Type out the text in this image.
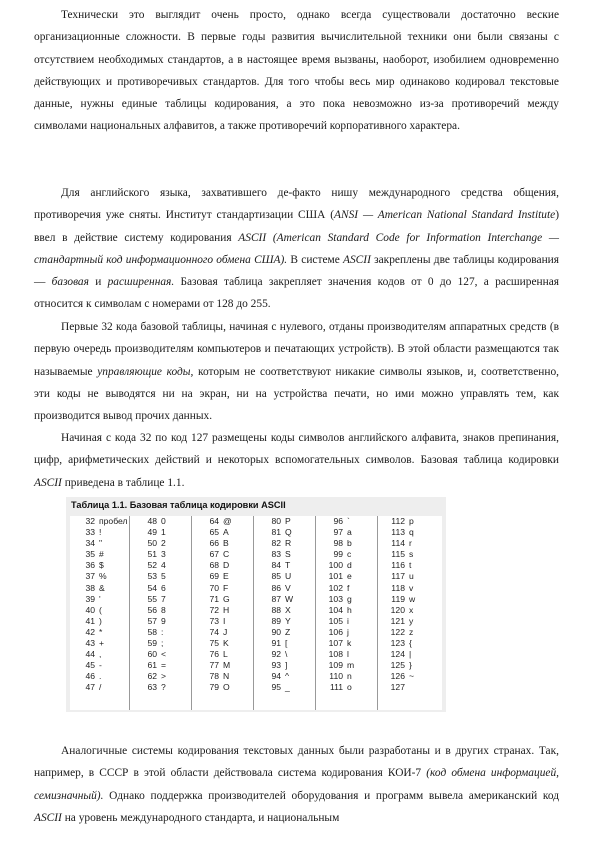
Технически это выглядит очень просто, однако всегда существовали достаточно веские организационные сложности. В первые годы развития вычислительной техники они были связаны с отсутствием необходимых стандартов, а в настоящее время вызваны, наоборот, изобилием одновременно действующих и противоречивых стандартов. Для того чтобы весь мир одинаково кодировал текстовые данные, нужны единые таблицы кодирования, а это пока невозможно из-за противоречий между символами национальных алфавитов, а также противоречий корпоративного характера.

Для английского языка, захватившего де-факто нишу международного средства общения, противоречия уже сняты. Институт стандартизации США (ANSI — American National Standard Institute) ввел в действие систему кодирования ASCII (American Standard Code for Information Interchange — стандартный код информационного обмена США). В системе ASCII закреплены две таблицы кодирования — базовая и расширенная. Базовая таблица закрепляет значения кодов от 0 до 127, а расширенная относится к символам с номерами от 128 до 255.

Первые 32 кода базовой таблицы, начиная с нулевого, отданы производителям аппаратных средств (в первую очередь производителям компьютеров и печатающих устройств). В этой области размещаются так называемые управляющие коды, которым не соответствуют никакие символы языков, и, соответственно, эти коды не выводятся ни на экран, ни на устройства печати, но ими можно управлять тем, как производится вывод прочих данных.

Начиная с кода 32 по код 127 размещены коды символов английского алфавита, знаков препинания, цифр, арифметических действий и некоторых вспомогательных символов. Базовая таблица кодировки ASCII приведена в таблице 1.1.

Таблица 1.1. Базовая таблица кодировки ASCII
32 пробел
33 !
34 "
35 #
36 $
37 %
38 &
39 '
40 (
41 )
42 *
43 +
44 ,
45 -
46 .
47 /
48 0
49 1
50 2
51 3
52 4
53 5
54 6
55 7
56 8
57 9
58 :
59 ;
60 <
61 =
62 >
63 ?
64 @
65 A
66 B
67 C
68 D
69 E
70 F
71 G
72 H
73 I
74 J
75 K
76 L
77 M
78 N
79 O
80 P
81 Q
82 R
83 S
84 T
85 U
86 V
87 W
88 X
89 Y
90 Z
91 [
92 \
93 ]
94 ^
95 _
96 `
97 a
98 b
99 c
100 d
101 e
102 f
103 g
104 h
105 i
106 j
107 k
108 l
109 m
110 n
111 o
112 p
113 q
114 r
115 s
116 t
117 u
118 v
119 w
120 x
121 y
122 z
123 {
124 |
125 }
126 ~
127

Аналогичные системы кодирования текстовых данных были разработаны и в других странах. Так, например, в СССР в этой области действовала система кодирования КОИ-7 (код обмена информацией, семизначный). Однако поддержка производителей оборудования и программ вывела американский код ASCII на уровень международного стандарта, и национальным
